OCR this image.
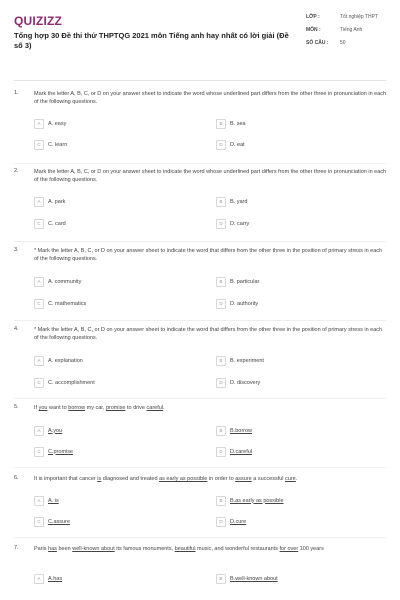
QUIZIZZ
Tổng hợp 30 Đề thi thử THPTQG 2021 môn Tiếng anh hay nhất có lời giải (Đề số 3)
LỚP :	Tốt nghiệp THPT
MÔN :	Tiếng Anh
SỐ CÂU :	50
1.	Mark the letter A, B, C, or D on your answer sheet to indicate the word whose underlined part differs from the other three in pronunciation in each of the following questions.
A	A. easy	B	B. sea
C	C. learn	D	D. eat
2.	Mark the letter A, B, C, or D on your answer sheet to indicate the word whose underlined part differs from the other three in pronunciation in each of the following questions.
A	A. park	B	B. yard
C	C. card	D	D. carry
3.	* Mark the letter A, B, C, or D on your answer sheet to indicate the word that differs from the other three in the position of primary stress in each of the following questions.
A	A. community	B	B. particular
C	C. mathematics	D	D. authority
4.	* Mark the letter A, B, C, or D on your answer sheet to indicate the word that differs from the other three in the position of primary stress in each of the following questions.
A	A. explanation	B	B. experiment
C	C. accomplishment	D	D. discovery
5.	If you want to borrow my car, promise to drive careful.
A	A.you	B	B.borrow
C	C.promise	D	D.careful
6.	It is important that cancer is diagnosed and treated as early as possible in order to assure a successful cure.
A	A. is	B	B.as early as possible
C	C.assure	D	D.cure
7.	Paris has been well-known about its famous monuments, beautiful music, and wonderful restaurants for over 100 years
A	A.has	B	B.well-known about
